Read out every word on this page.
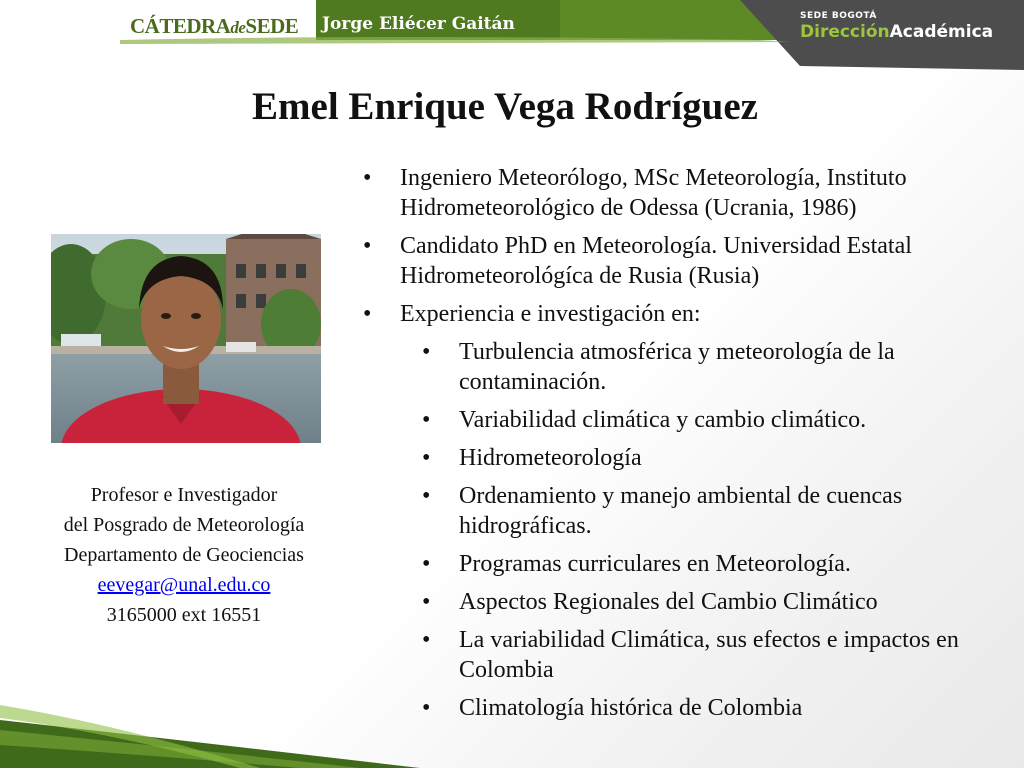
CÁTEDRAdeSEDE Jorge Eliécer Gaitán	SEDE BOGOTÁ
DirecciónAcadémica
Emel Enrique Vega Rodríguez
Profesor e Investigador
del Posgrado de Meteorología
Departamento de Geociencias
eevegar@unal.edu.co
3165000 ext 16551
• Ingeniero Meteorólogo, MSc Meteorología, Instituto Hidrometeorológico de Odessa (Ucrania, 1986)
• Candidato PhD en Meteorología. Universidad Estatal Hidrometeorológíca de Rusia (Rusia)
• Experiencia e investigación en:
• Turbulencia atmosférica y meteorología de la contaminación.
• Variabilidad climática y cambio climático.
• Hidrometeorología
• Ordenamiento y manejo ambiental de cuencas hidrográficas.
• Programas curriculares en Meteorología.
• Aspectos Regionales del Cambio Climático
• La variabilidad Climática, sus efectos e impactos en Colombia
• Climatología histórica de Colombia
